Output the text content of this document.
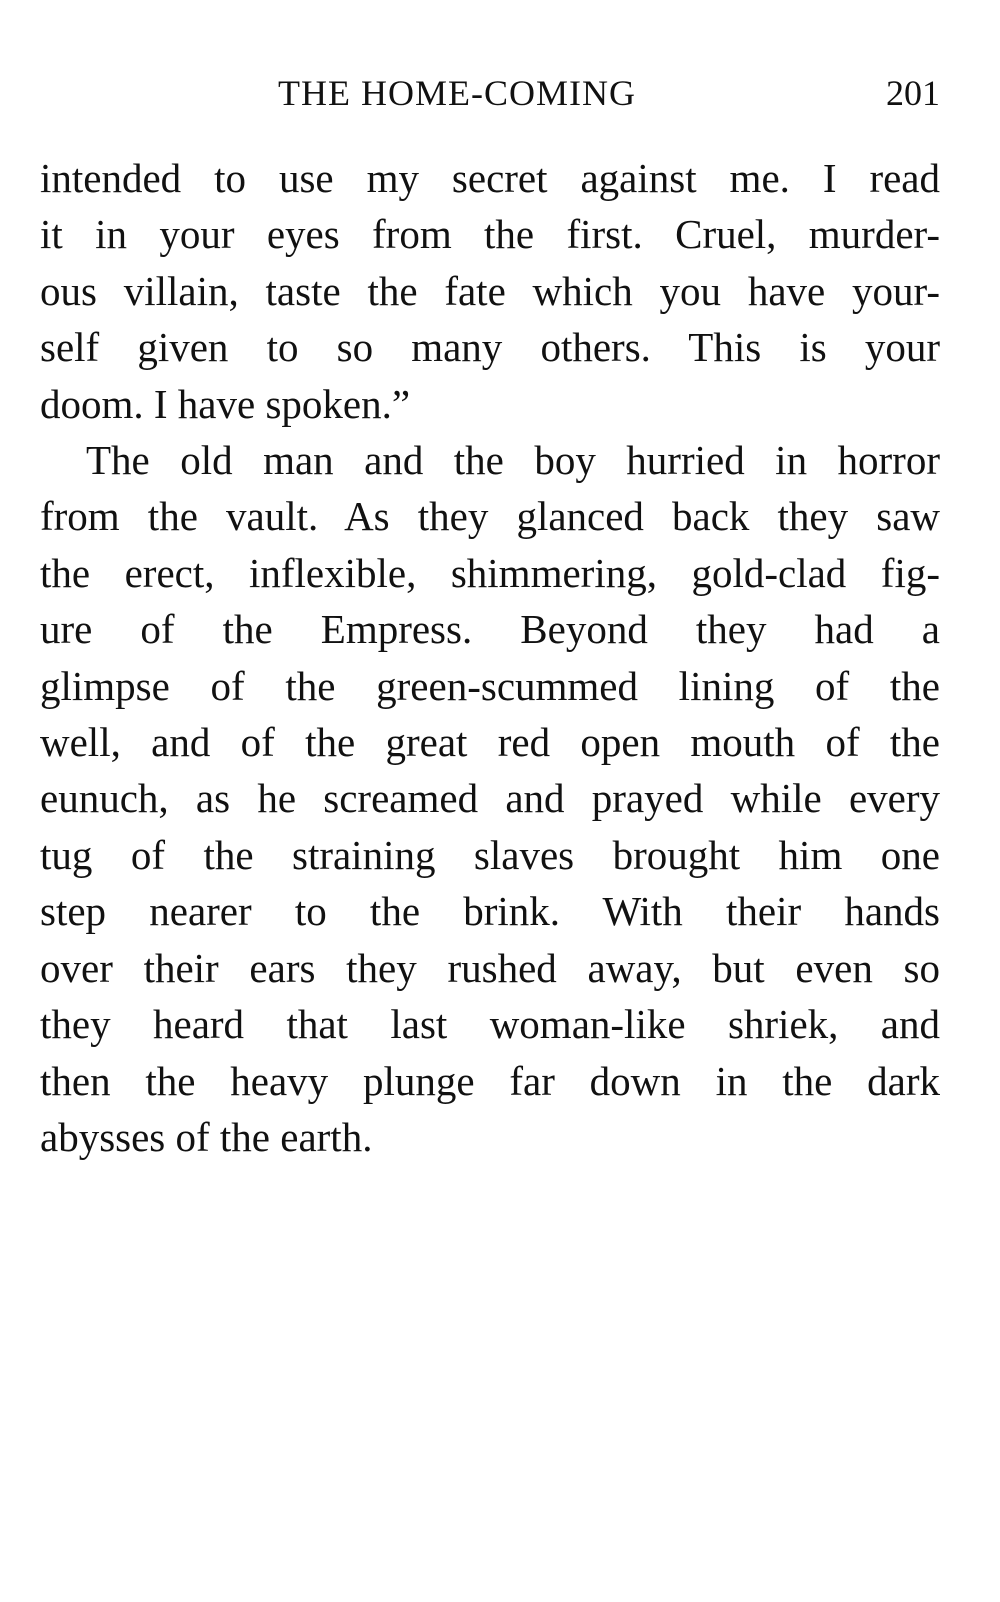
THE HOME-COMING	201
intended to use my secret against me. I read
it in your eyes from the first. Cruel, murder-
ous villain, taste the fate which you have your-
self given to so many others. This is your
doom. I have spoken.”
The old man and the boy hurried in horror
from the vault. As they glanced back they saw
the erect, inflexible, shimmering, gold-clad fig-
ure of the Empress. Beyond they had a
glimpse of the green-scummed lining of the
well, and of the great red open mouth of the
eunuch, as he screamed and prayed while every
tug of the straining slaves brought him one
step nearer to the brink. With their hands
over their ears they rushed away, but even so
they heard that last woman-like shriek, and
then the heavy plunge far down in the dark
abysses of the earth.
